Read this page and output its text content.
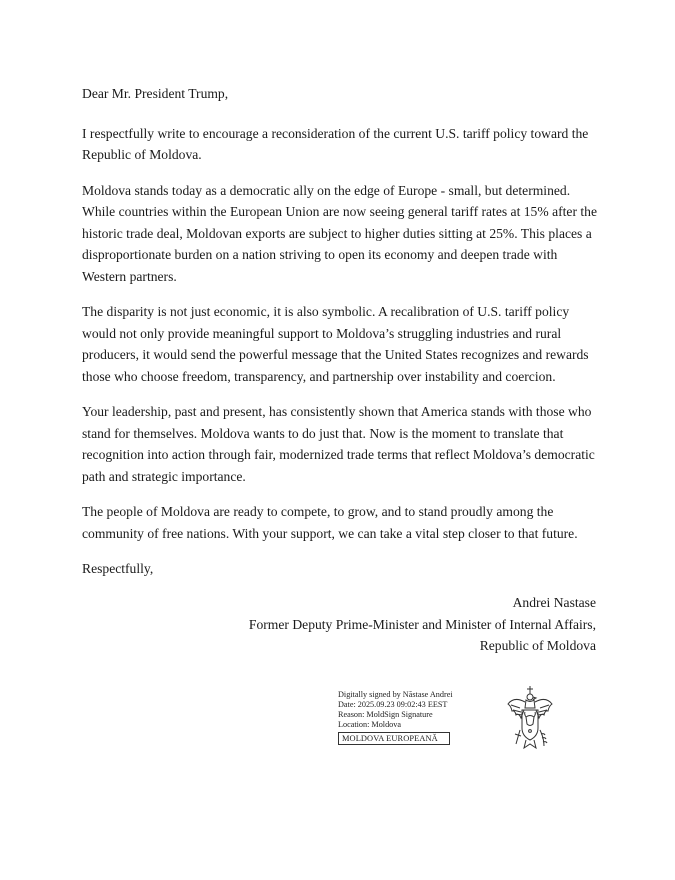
Dear Mr. President Trump,

I respectfully write to encourage a reconsideration of the current U.S. tariff policy toward the Republic of Moldova.

Moldova stands today as a democratic ally on the edge of Europe - small, but determined. While countries within the European Union are now seeing general tariff rates at 15% after the historic trade deal, Moldovan exports are subject to higher duties sitting at 25%. This places a disproportionate burden on a nation striving to open its economy and deepen trade with Western partners.

The disparity is not just economic, it is also symbolic. A recalibration of U.S. tariff policy would not only provide meaningful support to Moldova’s struggling industries and rural producers, it would send the powerful message that the United States recognizes and rewards those who choose freedom, transparency, and partnership over instability and coercion.

Your leadership, past and present, has consistently shown that America stands with those who stand for themselves. Moldova wants to do just that. Now is the moment to translate that recognition into action through fair, modernized trade terms that reflect Moldova’s democratic path and strategic importance.

The people of Moldova are ready to compete, to grow, and to stand proudly among the community of free nations. With your support, we can take a vital step closer to that future.

Respectfully,

Andrei Nastase
Former Deputy Prime-Minister and Minister of Internal Affairs,
Republic of Moldova
Digitally signed by Năstase Andrei
Date: 2025.09.23 09:02:43 EEST
Reason: MoldSign Signature
Location: Moldova
MOLDOVA EUROPEANĂ
